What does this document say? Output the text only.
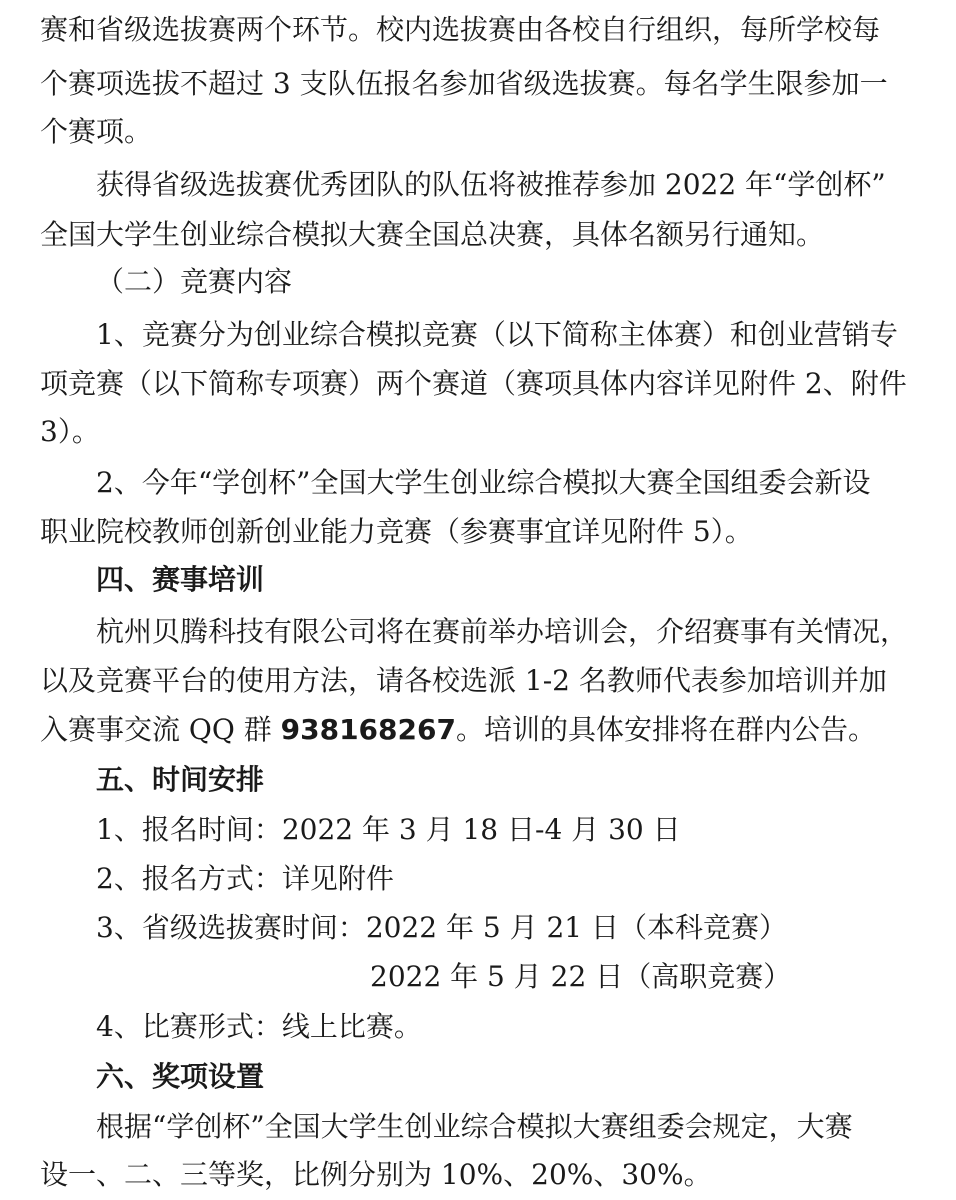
赛和省级选拔赛两个环节。校内选拔赛由各校自行组织，每所学校每
个赛项选拔不超过 3 支队伍报名参加省级选拔赛。每名学生限参加一
个赛项。
获得省级选拔赛优秀团队的队伍将被推荐参加 2022 年“学创杯”
全国大学生创业综合模拟大赛全国总决赛，具体名额另行通知。
（二）竞赛内容
1、竞赛分为创业综合模拟竞赛（以下简称主体赛）和创业营销专
项竞赛（以下简称专项赛）两个赛道（赛项具体内容详见附件 2、附件
3）。
2、今年“学创杯”全国大学生创业综合模拟大赛全国组委会新设
职业院校教师创新创业能力竞赛（参赛事宜详见附件 5）。
四、赛事培训
杭州贝腾科技有限公司将在赛前举办培训会，介绍赛事有关情况，
以及竞赛平台的使用方法，请各校选派 1-2 名教师代表参加培训并加
入赛事交流 QQ 群 938168267。培训的具体安排将在群内公告。
五、时间安排
1、报名时间：2022 年 3 月 18 日-4 月 30 日
2、报名方式：详见附件
3、省级选拔赛时间：2022 年 5 月 21 日（本科竞赛）
2022 年 5 月 22 日（高职竞赛）
4、比赛形式：线上比赛。
六、奖项设置
根据“学创杯”全国大学生创业综合模拟大赛组委会规定，大赛
设一、二、三等奖，比例分别为 10%、20%、30%。
